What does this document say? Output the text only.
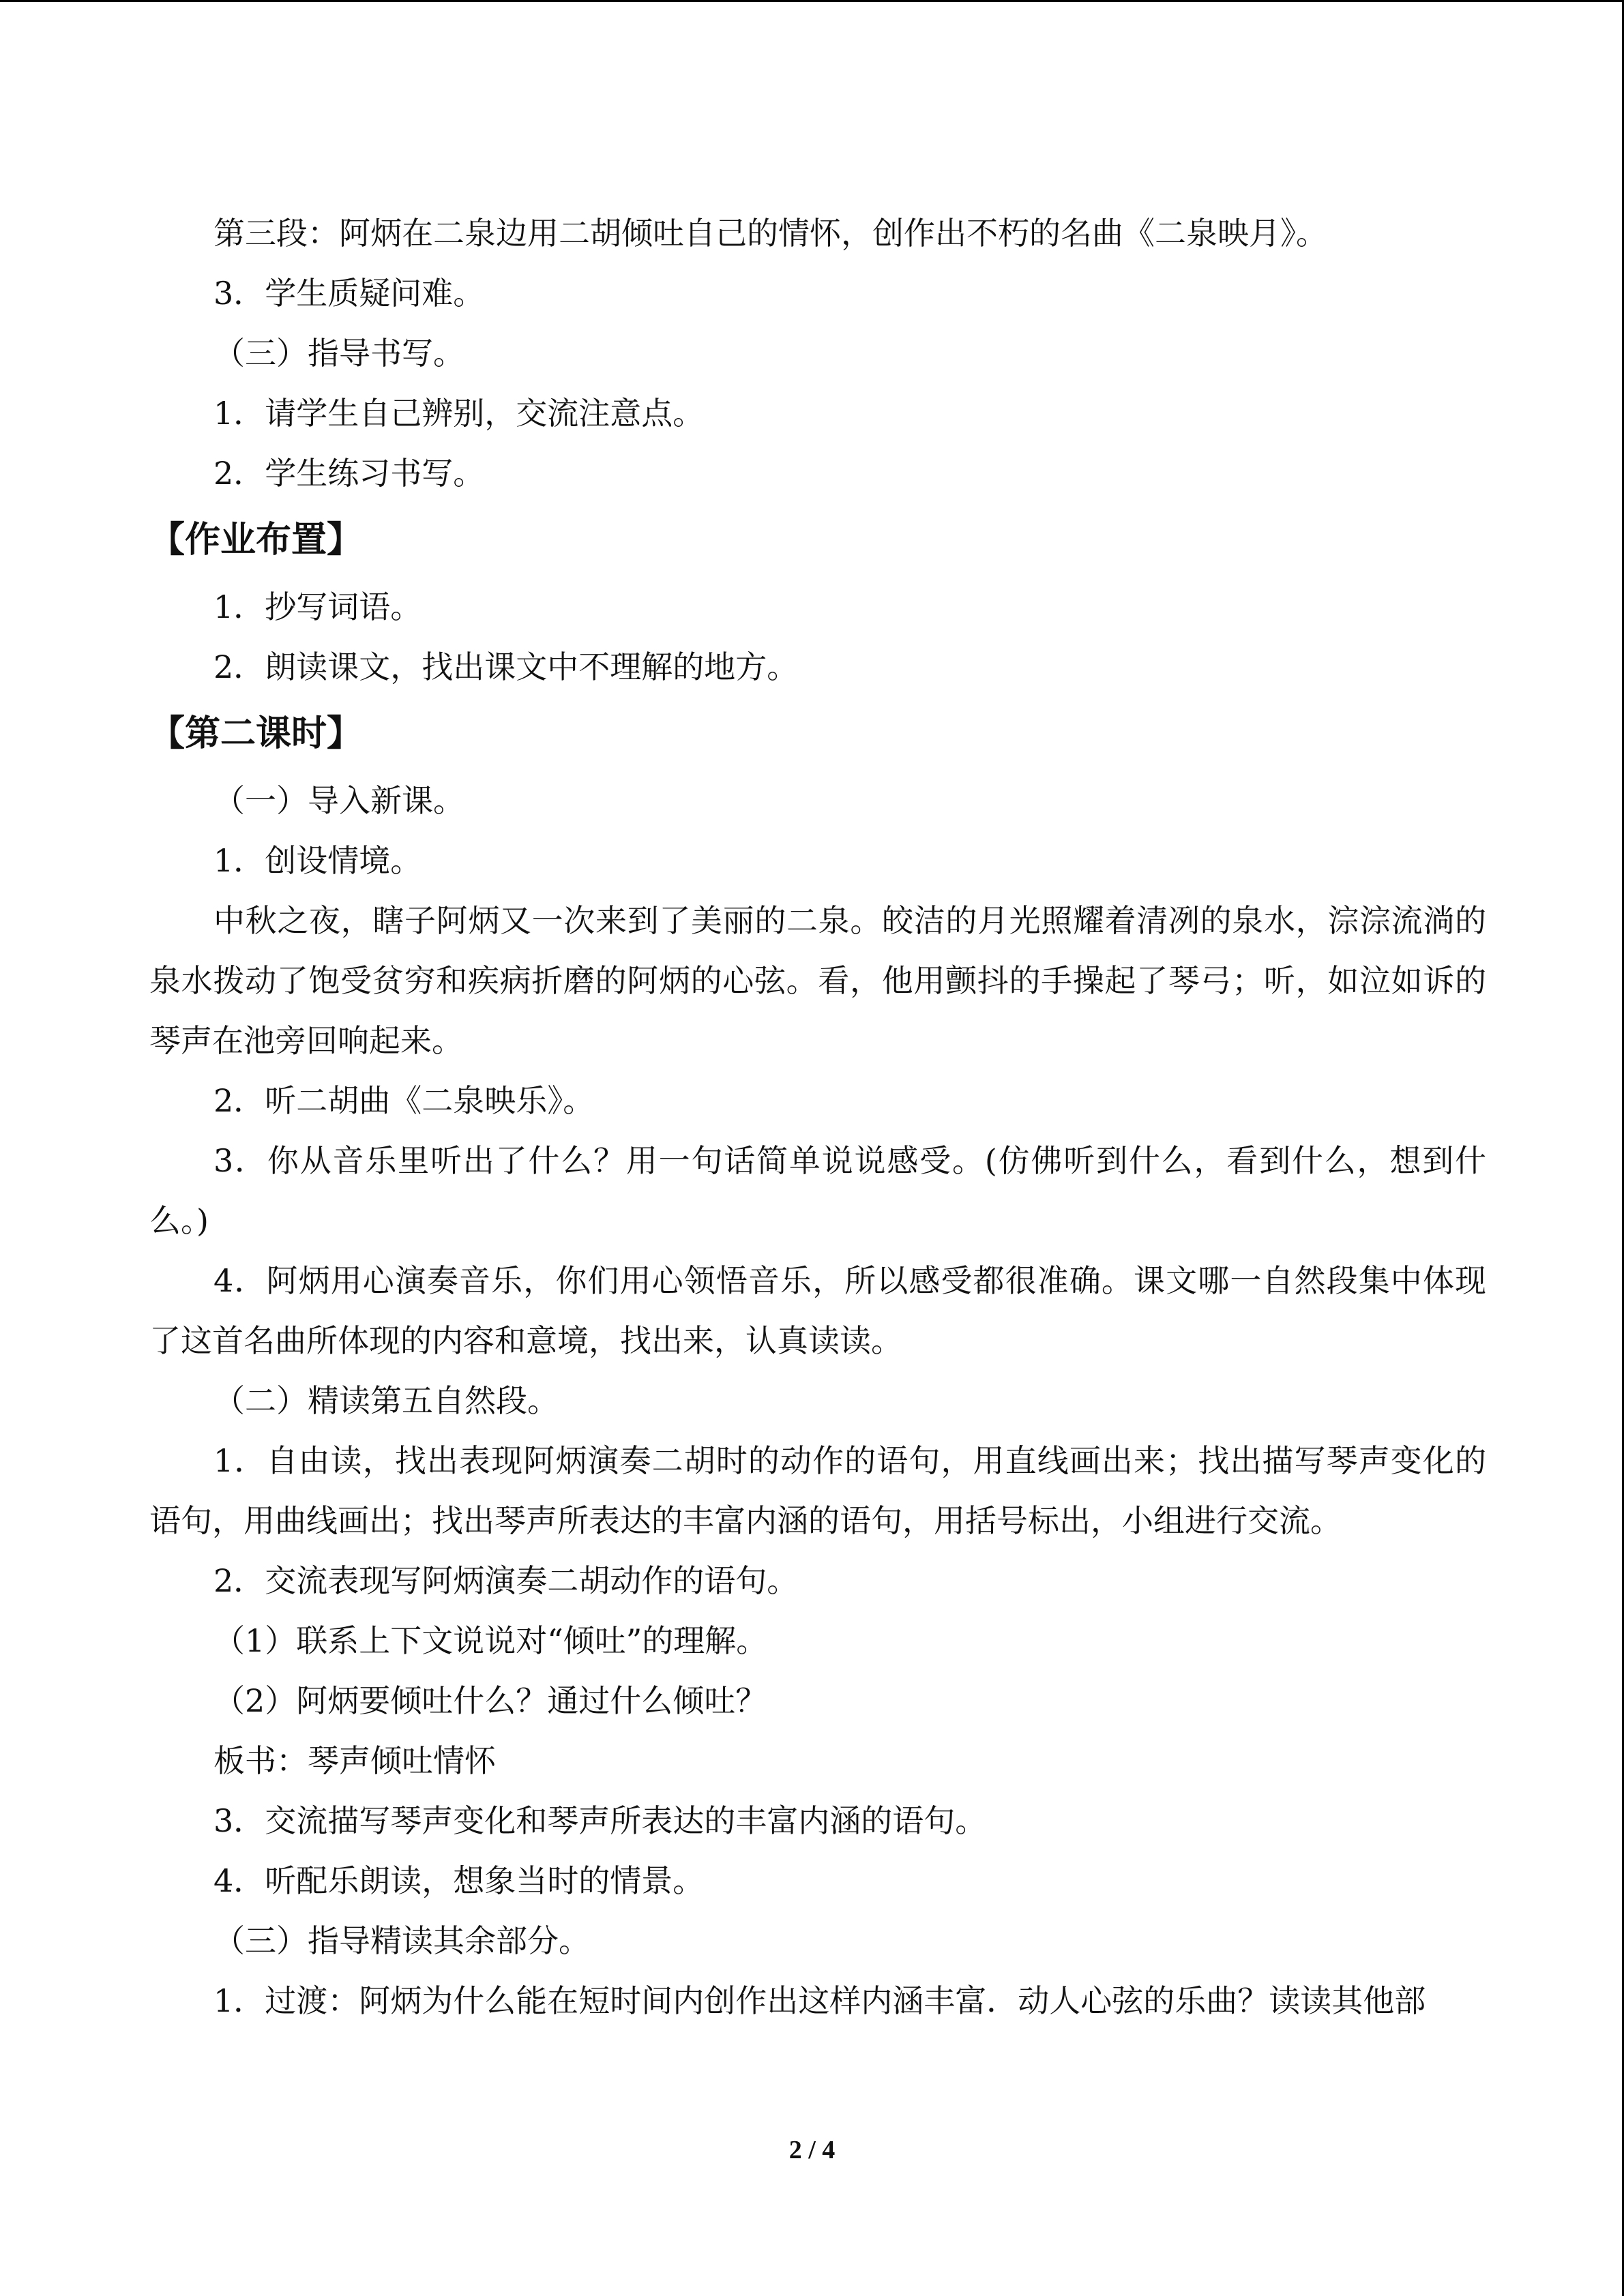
第三段：阿炳在二泉边用二胡倾吐自己的情怀，创作出不朽的名曲《二泉映月》。

3．学生质疑问难。

（三）指导书写。

1．请学生自己辨别，交流注意点。

2．学生练习书写。

【作业布置】

1．抄写词语。

2．朗读课文，找出课文中不理解的地方。

【第二课时】

（一）导入新课。

1．创设情境。

中秋之夜，瞎子阿炳又一次来到了美丽的二泉。皎洁的月光照耀着清冽的泉水，淙淙流淌的泉水拨动了饱受贫穷和疾病折磨的阿炳的心弦。看，他用颤抖的手操起了琴弓；听，如泣如诉的琴声在池旁回响起来。

2．听二胡曲《二泉映乐》。

3．你从音乐里听出了什么？用一句话简单说说感受。(仿佛听到什么，看到什么，想到什么。)

4．阿炳用心演奏音乐，你们用心领悟音乐，所以感受都很准确。课文哪一自然段集中体现了这首名曲所体现的内容和意境，找出来，认真读读。

（二）精读第五自然段。

1．自由读，找出表现阿炳演奏二胡时的动作的语句，用直线画出来；找出描写琴声变化的语句，用曲线画出；找出琴声所表达的丰富内涵的语句，用括号标出，小组进行交流。

2．交流表现写阿炳演奏二胡动作的语句。

（1）联系上下文说说对“倾吐”的理解。

（2）阿炳要倾吐什么？通过什么倾吐？

板书：琴声倾吐情怀

3．交流描写琴声变化和琴声所表达的丰富内涵的语句。

4．听配乐朗读，想象当时的情景。

（三）指导精读其余部分。

1．过渡：阿炳为什么能在短时间内创作出这样内涵丰富．动人心弦的乐曲？读读其他部

2 / 4
